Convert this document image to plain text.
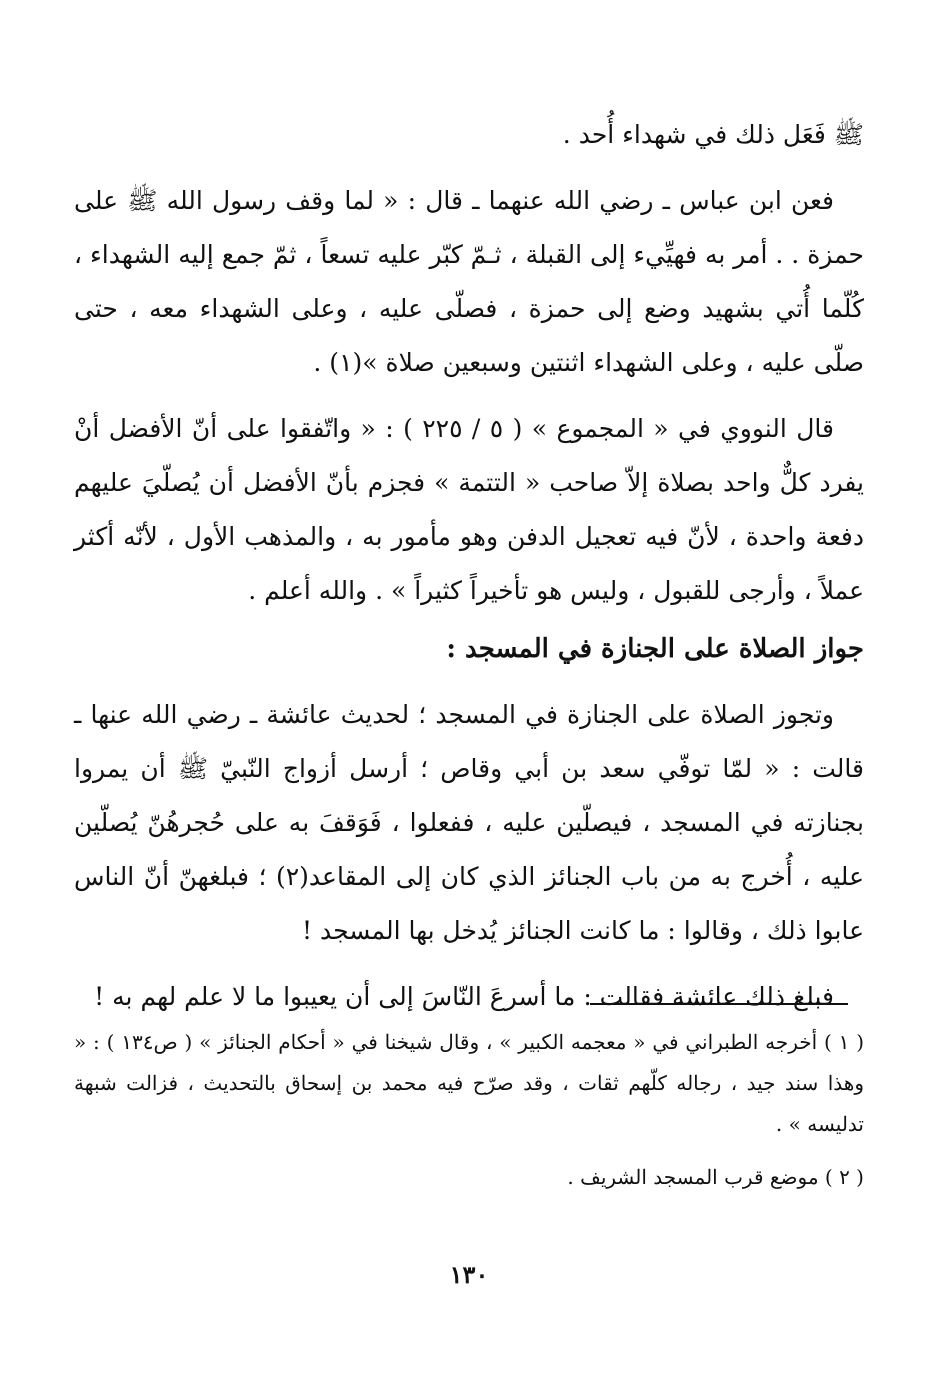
ﷺ فَعَل ذلك في شهداء أُحد .

فعن ابن عباس ـ رضي الله عنهما ـ قال : « لما وقف رسول الله ﷺ على حمزة . . أمر به فهيِّيء إلى القبلة ، ثـمّ كبّر عليه تسعاً ، ثمّ جمع إليه الشهداء ، كُلّما أُتي بشهيد وضع إلى حمزة ، فصلّى عليه ، وعلى الشهداء معه ، حتى صلّى عليه ، وعلى الشهداء اثنتين وسبعين صلاة »(١) .

قال النووي في « المجموع » ( ٥ / ٢٢٥ ) : « واتّفقوا على أنّ الأفضل أنْ يفرد كلٌّ واحد بصلاة إلاّ صاحب « التتمة » فجزم بأنّ الأفضل أن يُصلّيَ عليهم دفعة واحدة ، لأنّ فيه تعجيل الدفن وهو مأمور به ، والمذهب الأول ، لأنّه أكثر عملاً ، وأرجى للقبول ، وليس هو تأخيراً كثيراً » . والله أعلم .

جواز الصلاة على الجنازة في المسجد :

وتجوز الصلاة على الجنازة في المسجد ؛ لحديث عائشة ـ رضي الله عنها ـ قالت : « لمّا توفّي سعد بن أبي وقاص ؛ أرسل أزواج النّبيّ ﷺ أن يمروا بجنازته في المسجد ، فيصلّين عليه ، ففعلوا ، فَوَقفَ به على حُجرهُنّ يُصلّين عليه ، أُخرج به من باب الجنائز الذي كان إلى المقاعد(٢) ؛ فبلغهنّ أنّ الناس عابوا ذلك ، وقالوا : ما كانت الجنائز يُدخل بها المسجد !

فبلغ ذلك عائشة فقالت : ما أسرعَ النّاسَ إلى أن يعيبوا ما لا علم لهم به !

( ١ ) أخرجه الطبراني في « معجمه الكبير » ، وقال شيخنا في « أحكام الجنائز » ( ص١٣٤ ) : « وهذا سند جيد ، رجاله كلّهم ثقات ، وقد صرّح فيه محمد بن إسحاق بالتحديث ، فزالت شبهة تدليسه » .

( ٢ ) موضع قرب المسجد الشريف .

١٣٠
